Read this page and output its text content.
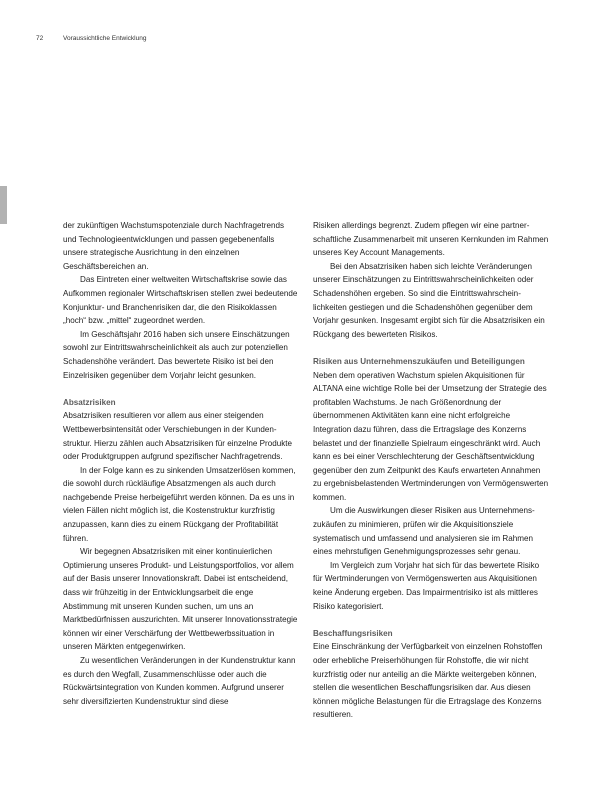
72	Voraussichtliche Entwicklung

der zukünftigen Wachstumspotenziale durch Nachfragetrends und Technologieentwicklungen und passen gegebenenfalls unsere strategische Ausrichtung in den einzelnen Geschäftsbereichen an.

Das Eintreten einer weltweiten Wirtschaftskrise sowie das Aufkommen regionaler Wirtschaftskrisen stellen zwei bedeutende Konjunktur- und Branchenrisiken dar, die den Risikoklassen „hoch“ bzw. „mittel“ zugeordnet werden.

Im Geschäftsjahr 2016 haben sich unsere Einschätzungen sowohl zur Eintrittswahrscheinlichkeit als auch zur potenziellen Schadenshöhe verändert. Das bewertete Risiko ist bei den Einzelrisiken gegenüber dem Vorjahr leicht gesunken.

Absatzrisiken

Absatzrisiken resultieren vor allem aus einer steigenden Wettbewerbsintensität oder Verschiebungen in der Kundenstruktur. Hierzu zählen auch Absatzrisiken für einzelne Produkte oder Produktgruppen aufgrund spezifischer Nachfragetrends.

In der Folge kann es zu sinkenden Umsatzerlösen kommen, die sowohl durch rückläufige Absatzmengen als auch durch nachgebende Preise herbeigeführt werden können. Da es uns in vielen Fällen nicht möglich ist, die Kostenstruktur kurzfristig anzupassen, kann dies zu einem Rückgang der Profitabilität führen.

Wir begegnen Absatzrisiken mit einer kontinuierlichen Optimierung unseres Produkt- und Leistungsportfolios, vor allem auf der Basis unserer Innovationskraft. Dabei ist entscheidend, dass wir frühzeitig in der Entwicklungsarbeit die enge Abstimmung mit unseren Kunden suchen, um uns an Marktbedürfnissen auszurichten. Mit unserer Innovationsstrategie können wir einer Verschärfung der Wettbewerbssituation in unseren Märkten entgegenwirken.

Zu wesentlichen Veränderungen in der Kundenstruktur kann es durch den Wegfall, Zusammenschlüsse oder auch die Rückwärtsintegration von Kunden kommen. Aufgrund unserer sehr diversifizierten Kundenstruktur sind diese

Risiken allerdings begrenzt. Zudem pflegen wir eine partnerschaftliche Zusammenarbeit mit unseren Kernkunden im Rahmen unseres Key Account Managements.

Bei den Absatzrisiken haben sich leichte Veränderungen unserer Einschätzungen zu Eintrittswahrscheinlichkeiten oder Schadenshöhen ergeben. So sind die Eintrittswahrscheinlichkeiten gestiegen und die Schadenshöhen gegenüber dem Vorjahr gesunken. Insgesamt ergibt sich für die Absatzrisiken ein Rückgang des bewerteten Risikos.

Risiken aus Unternehmenszukäufen und Beteiligungen

Neben dem operativen Wachstum spielen Akquisitionen für ALTANA eine wichtige Rolle bei der Umsetzung der Strategie des profitablen Wachstums. Je nach Größenordnung der übernommenen Aktivitäten kann eine nicht erfolgreiche Integration dazu führen, dass die Ertragslage des Konzerns belastet und der finanzielle Spielraum eingeschränkt wird. Auch kann es bei einer Verschlechterung der Geschäftsentwicklung gegenüber den zum Zeitpunkt des Kaufs erwarteten Annahmen zu ergebnisbelastenden Wertminderungen von Vermögenswerten kommen.

Um die Auswirkungen dieser Risiken aus Unternehmenszukäufen zu minimieren, prüfen wir die Akquisitionsziele systematisch und umfassend und analysieren sie im Rahmen eines mehrstufigen Genehmigungsprozesses sehr genau.

Im Vergleich zum Vorjahr hat sich für das bewertete Risiko für Wertminderungen von Vermögenswerten aus Akquisitionen keine Änderung ergeben. Das Impairmentrisiko ist als mittleres Risiko kategorisiert.

Beschaffungsrisiken

Eine Einschränkung der Verfügbarkeit von einzelnen Rohstoffen oder erhebliche Preiserhöhungen für Rohstoffe, die wir nicht kurzfristig oder nur anteilig an die Märkte weitergeben können, stellen die wesentlichen Beschaffungsrisiken dar. Aus diesen können mögliche Belastungen für die Ertragslage des Konzerns resultieren.
